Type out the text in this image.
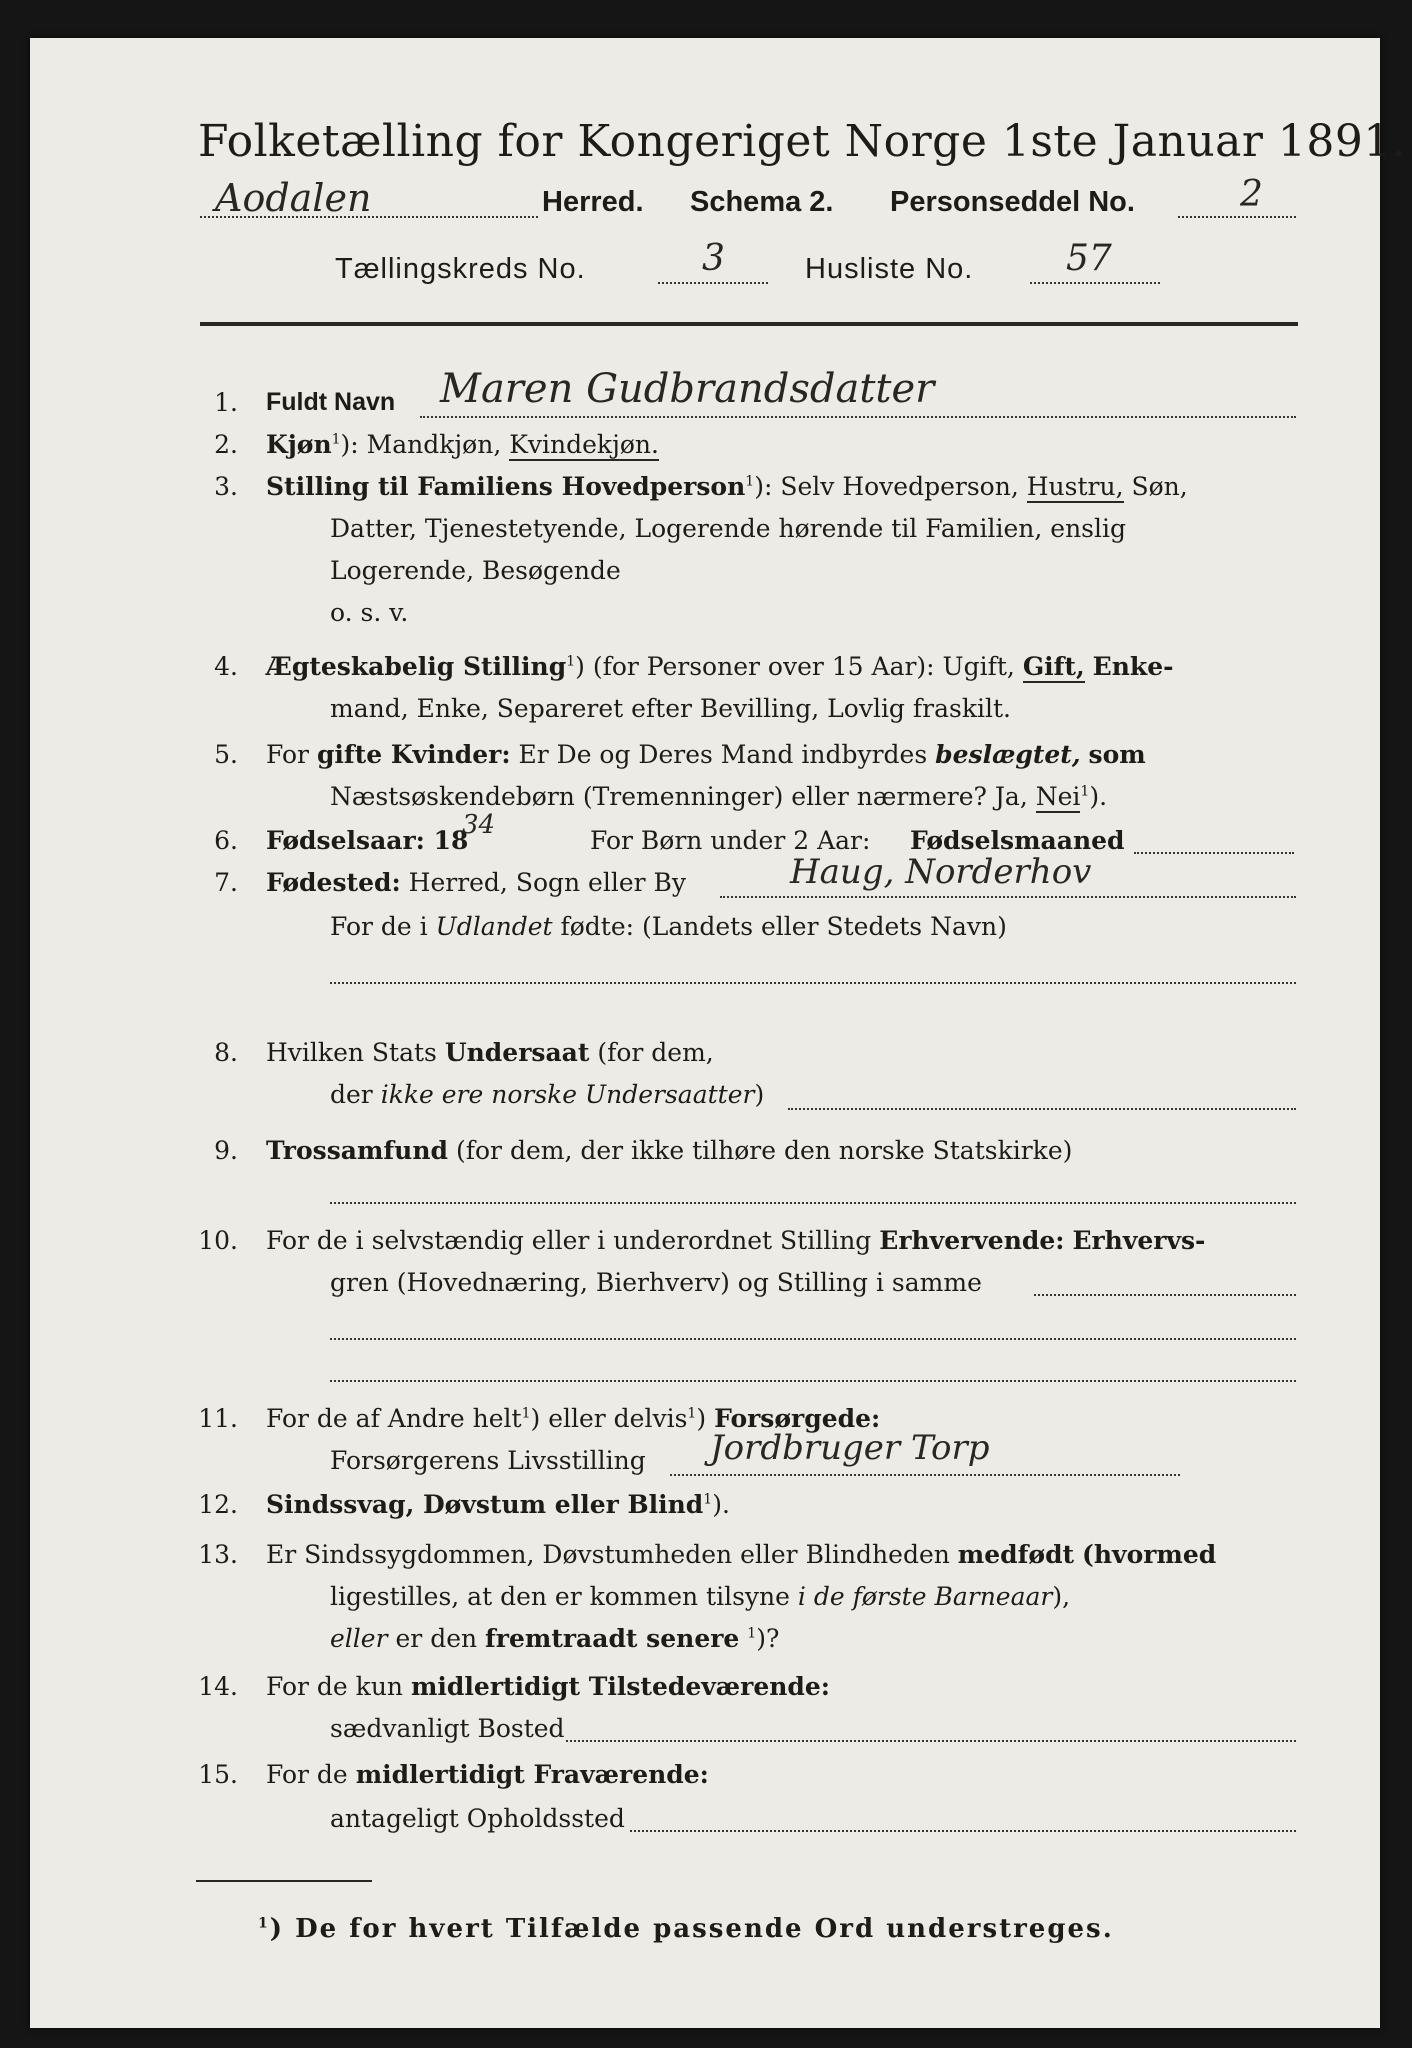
Folketælling for Kongeriget Norge 1ste Januar 1891.
Aodalen	Herred. Schema 2. Personseddel No.	2
Tællingskreds No.	3	Husliste No.	57
1. Fuldt Navn Maren Gudbrandsdatter
2. Kjøn$^1$): Mandkjøn, Kvindekjøn.
3. Stilling til Familiens Hovedperson$^1$): Selv Hovedperson, Hustru, Søn,
Datter, Tjenestetyende, Logerende hørende til Familien, enslig
Logerende, Besøgende
o. s. v.
4. Ægteskabelig Stilling$^1$) (for Personer over 15 Aar): Ugift, Gift, Enke-
mand, Enke, Separeret efter Bevilling, Lovlig fraskilt.
5. For gifte Kvinder: Er De og Deres Mand indbyrdes beslægtet, som
Næstsøskendebørn (Tremenninger) eller nærmere? Ja, Nei$^1$).
6. Fødselsaar: 18
34
For Børn under 2 Aar: Fødselsmaaned
7. Fødested: Herred, Sogn eller By	Haug, Norderhov
For de i Udlandet fødte: (Landets eller Stedets Navn)
8. Hvilken Stats Undersaat (for dem,
der ikke ere norske Undersaatter)
9. Trossamfund (for dem, der ikke tilhøre den norske Statskirke)
10. For de i selvstændig eller i underordnet Stilling Erhvervende: Erhvervs-
gren (Hovednæring, Bierhverv) og Stilling i samme
11. For de af Andre helt$^1$) eller delvis$^1$) Forsørgede:
Forsørgerens Livsstilling Jordbruger Torp
12. Sindssvag, Døvstum eller Blind$^1$).
13. Er Sindssygdommen, Døvstumheden eller Blindheden medfødt (hvormed
ligestilles, at den er kommen tilsyne i de første Barneaar),
eller er den fremtraadt senere $^1$)?
14. For de kun midlertidigt Tilstedeværende:
sædvanligt Bosted
15. For de midlertidigt Fraværende:
antageligt Opholdssted
$^1$) De for hvert Tilfælde passende Ord understreges.
